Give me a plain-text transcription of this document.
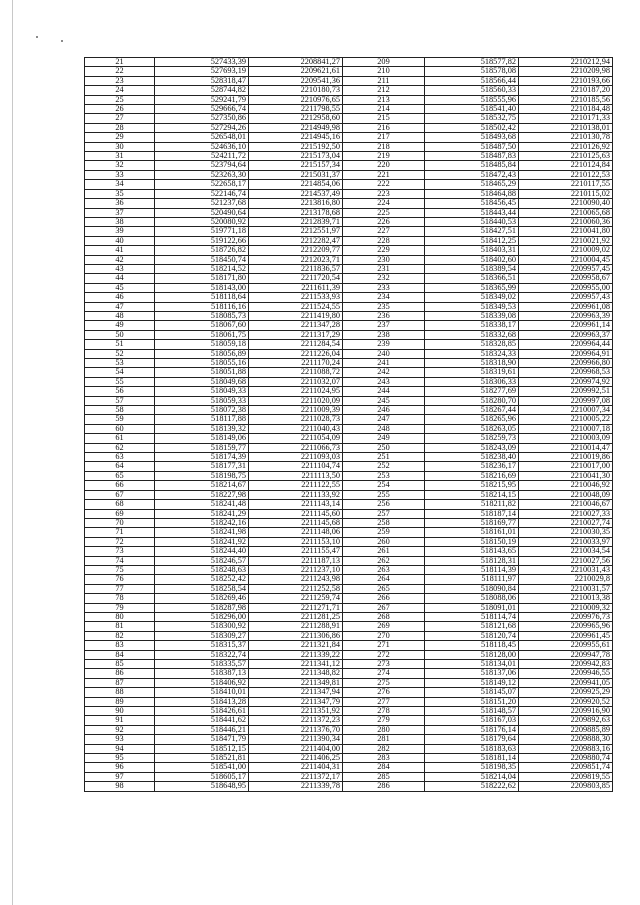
21	527433,39	2208841,27	209	518577,82	2210212,94
22	527693,19	2209621,61	210	518578,08	2210209,98
23	528318,47	2209541,36	211	518566,44	2210193,66
24	528744,82	2210180,73	212	518560,33	2210187,20
25	529241,79	2210976,65	213	518555,96	2210185,56
26	529666,74	2211798,55	214	518541,40	2210184,48
27	527350,86	2212958,60	215	518532,75	2210171,33
28	527294,26	2214949,98	216	518502,42	2210138,01
29	526548,01	2214945,16	217	518493,68	2210130,78
30	524636,10	2215192,50	218	518487,50	2210126,92
31	524211,72	2215173,04	219	518487,83	2210125,63
32	523794,64	2215157,34	220	518485,84	2210124,84
33	523263,30	2215031,37	221	518472,43	2210122,53
34	522658,17	2214854,06	222	518465,29	2210117,55
35	522146,74	2214537,49	223	518464,88	2210115,02
36	521237,68	2213816,80	224	518456,45	2210090,40
37	520490,64	2213178,68	225	518443,44	2210065,68
38	520080,92	2212839,71	226	518440,53	2210060,36
39	519771,18	2212551,97	227	518427,51	2210041,80
40	519122,66	2212282,47	228	518412,25	2210021,92
41	518726,82	2212209,77	229	518403,31	2210009,02
42	518450,74	2212023,71	230	518402,60	2210004,45
43	518214,52	2211836,57	231	518389,54	2209957,45
44	518171,80	2211720,54	232	518366,51	2209958,67
45	518143,00	2211611,39	233	518365,99	2209955,00
46	518118,64	2211533,93	234	518349,02	2209957,43
47	518116,16	2211524,55	235	518349,53	2209961,08
48	518085,73	2211419,80	236	518339,08	2209963,39
49	518067,60	2211347,28	237	518338,17	2209961,14
50	518061,75	2211317,29	238	518332,68	2209963,37
51	518059,18	2211284,54	239	518328,85	2209964,44
52	518056,89	2211226,04	240	518324,33	2209964,91
53	518055,16	2211170,24	241	518318,90	2209966,80
54	518051,88	2211088,72	242	518319,61	2209968,53
55	518049,68	2211032,07	243	518306,33	2209974,92
56	518049,33	2211024,95	244	518277,69	2209992,51
57	518059,33	2211020,09	245	518280,70	2209997,08
58	518072,38	2211009,39	246	518267,44	2210007,34
59	518117,88	2211028,73	247	518265,96	2210005,22
60	518139,32	2211040,43	248	518263,05	2210007,18
61	518149,06	2211054,09	249	518259,73	2210003,09
62	518159,77	2211066,73	250	518243,09	2210014,47
63	518174,39	2211093,03	251	518238,40	2210019,86
64	518177,31	2211104,74	252	518236,17	2210017,00
65	518198,75	2211113,50	253	518216,69	2210041,30
66	518214,67	2211122,55	254	518215,95	2210046,92
67	518227,98	2211133,92	255	518214,15	2210048,09
68	518241,48	2211143,14	256	518211,82	2210046,67
69	518241,29	2211145,60	257	518187,14	2210027,33
70	518242,16	2211145,68	258	518169,77	2210027,74
71	518241,98	2211148,06	259	518161,01	2210030,35
72	518241,92	2211153,10	260	518150,19	2210033,97
73	518244,40	2211155,47	261	518143,65	2210034,54
74	518246,57	2211187,13	262	518128,31	2210027,56
75	518248,63	2211237,10	263	518114,39	2210031,43
76	518252,42	2211243,98	264	518111,97	2210029,8
77	518258,54	2211252,58	265	518090,84	2210031,57
78	518269,46	2211259,74	266	518088,06	2210013,38
79	518287,98	2211271,71	267	518091,01	2210009,32
80	518296,00	2211281,25	268	518114,74	2209976,73
81	518300,92	2211288,91	269	518121,68	2209965,96
82	518309,27	2211306,86	270	518120,74	2209961,45
83	518315,37	2211321,84	271	518118,45	2209955,61
84	518322,74	2211339,22	272	518128,00	2209947,78
85	518335,57	2211341,12	273	518134,01	2209942,83
86	518387,13	2211348,82	274	518137,06	2209946,55
87	518406,92	2211349,81	275	518149,12	2209941,05
88	518410,01	2211347,94	276	518145,07	2209925,29
89	518413,28	2211347,79	277	518151,20	2209920,52
90	518426,61	2211351,92	278	518148,57	2209916,90
91	518441,62	2211372,23	279	518167,03	2209892,63
92	518446,21	2211376,70	280	518176,14	2209885,89
93	518471,79	2211390,34	281	518179,64	2209888,30
94	518512,15	2211404,00	282	518183,63	2209883,16
95	518521,81	2211406,25	283	518181,14	2209880,74
96	518541,00	2211404,31	284	518198,35	2209851,74
97	518605,17	2211372,17	285	518214,04	2209819,55
98	518648,95	2211339,78	286	518222,62	2209803,85
